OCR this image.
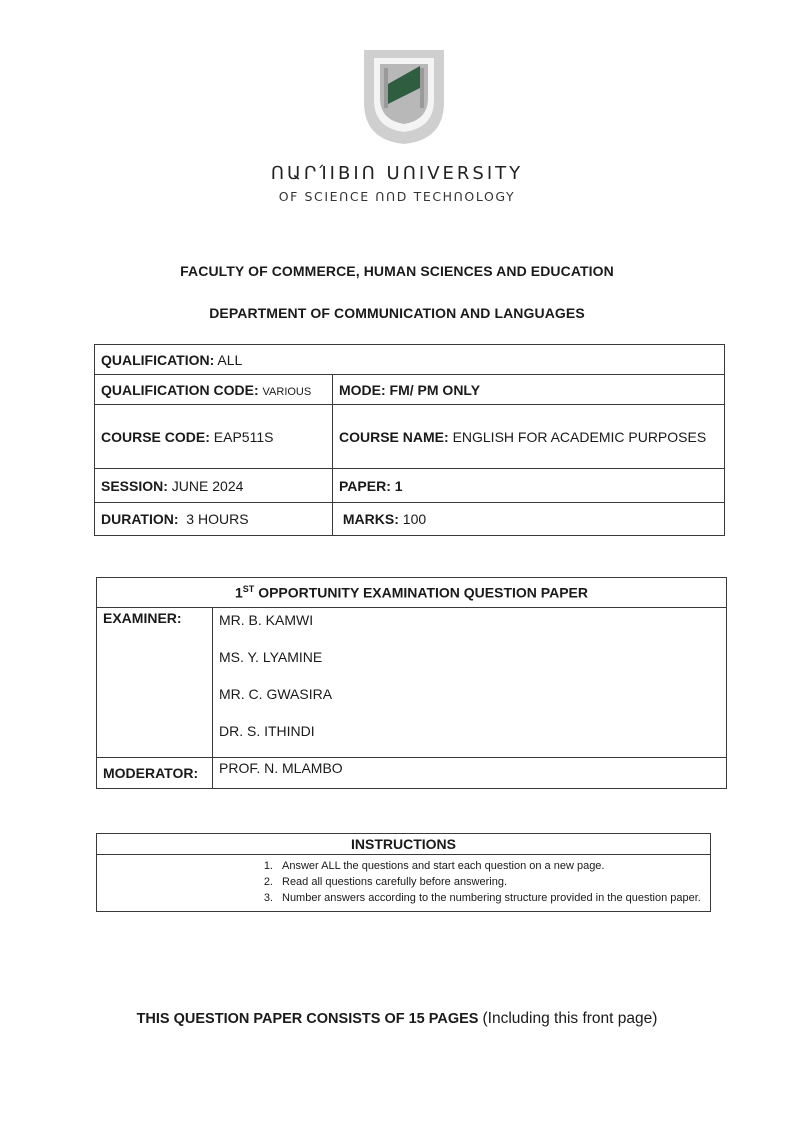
ՈԱՐΊΙΒΙՈ ՍՈΙVERSITY
OF SCIEՈCE ՈՈD TECHՈOLOGY
FACULTY OF COMMERCE, HUMAN SCIENCES AND EDUCATION
DEPARTMENT OF COMMUNICATION AND LANGUAGES
QUALIFICATION: ALL	
QUALIFICATION CODE: VARIOUS	MODE: FM/ PM ONLY
COURSE CODE: EAP511S	COURSE NAME: ENGLISH FOR ACADEMIC PURPOSES
SESSION: JUNE 2024	PAPER: 1
DURATION: 3 HOURS	MARKS: 100
1ST OPPORTUNITY EXAMINATION QUESTION PAPER	
EXAMINER:	MR. B. KAMWI
MS. Y. LYAMINE
MR. C. GWASIRA
DR. S. ITHINDI

MODERATOR:	PROF. N. MLAMBO
INSTRUCTIONS
1. Answer ALL the questions and start each question on a new page.
2. Read all questions carefully before answering.
3. Number answers according to the numbering structure provided in the question paper.
THIS QUESTION PAPER CONSISTS OF 15 PAGES (Including this front page)
